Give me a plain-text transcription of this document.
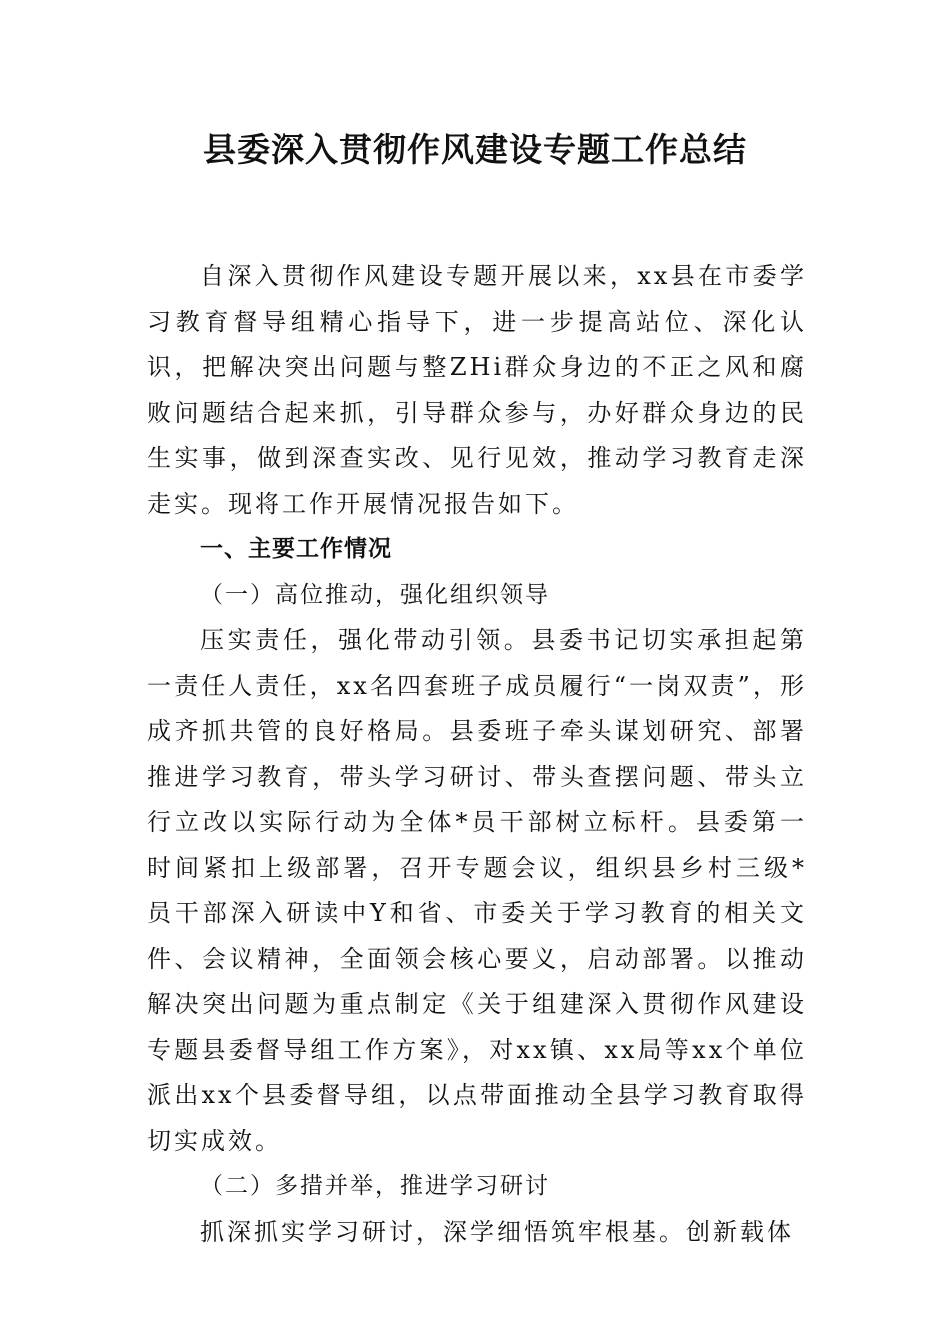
县委深入贯彻作风建设专题工作总结

自深入贯彻作风建设专题开展以来，xx县在市委学习教育督导组精心指导下，进一步提高站位、深化认识，把解决突出问题与整ZHi群众身边的不正之风和腐败问题结合起来抓，引导群众参与，办好群众身边的民生实事，做到深查实改、见行见效，推动学习教育走深走实。现将工作开展情况报告如下。

一、主要工作情况

（一）高位推动，强化组织领导

压实责任，强化带动引领。县委书记切实承担起第一责任人责任，xx名四套班子成员履行“一岗双责”，形成齐抓共管的良好格局。县委班子牵头谋划研究、部署推进学习教育，带头学习研讨、带头查摆问题、带头立行立改以实际行动为全体*员干部树立标杆。县委第一时间紧扣上级部署，召开专题会议，组织县乡村三级*员干部深入研读中Y和省、市委关于学习教育的相关文件、会议精神，全面领会核心要义，启动部署。以推动解决突出问题为重点制定《关于组建深入贯彻作风建设专题县委督导组工作方案》，对xx镇、xx局等xx个单位派出xx个县委督导组，以点带面推动全县学习教育取得切实成效。

（二）多措并举，推进学习研讨

抓深抓实学习研讨，深学细悟筑牢根基。创新载体
